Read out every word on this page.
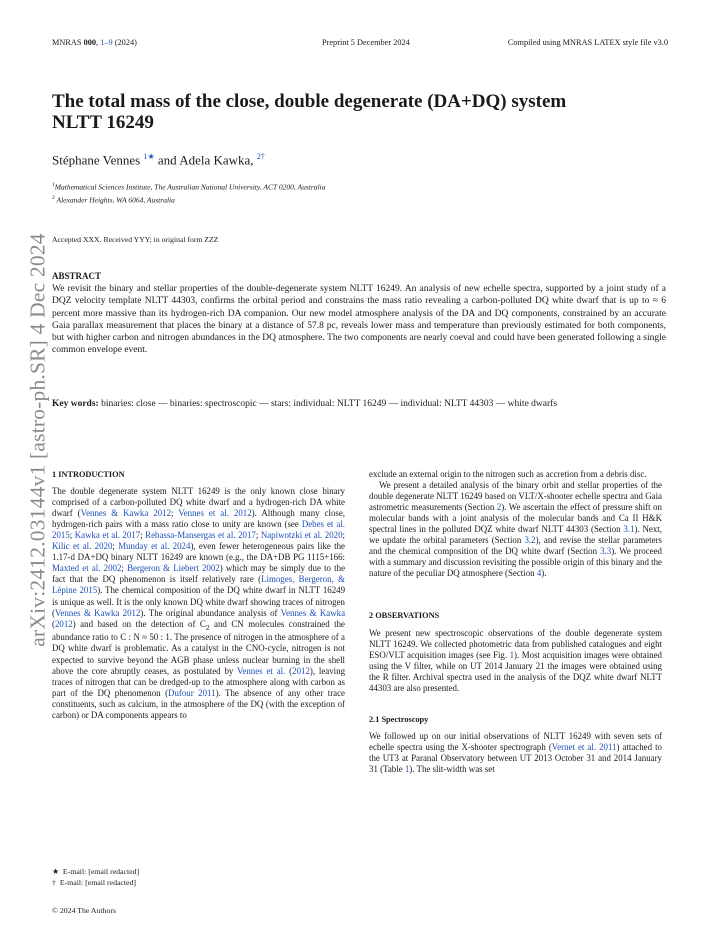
MNRAS 000, 1–9 (2024)	Preprint 5 December 2024	Compiled using MNRAS LATEX style file v3.0
arXiv:2412.03144v1 [astro-ph.SR] 4 Dec 2024
The total mass of the close, double degenerate (DA+DQ) system
NLTT 16249
Stéphane Vennes $^{1★}$ and Adela Kawka, $^{2\dagger}$
$^1$Mathematical Sciences Institute, The Australian National University, ACT 0200, Australia
$^2$ Alexander Heights, WA 6064, Australia
Accepted XXX. Received YYY; in original form ZZZ
ABSTRACT
We revisit the binary and stellar properties of the double-degenerate system NLTT 16249. An analysis of new echelle spectra, supported by a joint study of a DQZ velocity template NLTT 44303, confirms the orbital period and constrains the mass ratio revealing a carbon-polluted DQ white dwarf that is up to ≈ 6 percent more massive than its hydrogen-rich DA companion. Our new model atmosphere analysis of the DA and DQ components, constrained by an accurate Gaia parallax measurement that places the binary at a distance of 57.8 pc, reveals lower mass and temperature than previously estimated for both components, but with higher carbon and nitrogen abundances in the DQ atmosphere. The two components are nearly coeval and could have been generated following a single common envelope event.
Key words: binaries: close — binaries: spectroscopic — stars: individual: NLTT 16249 — individual: NLTT 44303 — white dwarfs
1 INTRODUCTION
The double degenerate system NLTT 16249 is the only known close binary comprised of a carbon-polluted DQ white dwarf and a hydrogen-rich DA white dwarf (Vennes & Kawka 2012; Vennes et al. 2012). Although many close, hydrogen-rich pairs with a mass ratio close to unity are known (see Debes et al. 2015; Kawka et al. 2017; Rebassa-Mansergas et al. 2017; Napiwotzki et al. 2020; Kilic et al. 2020; Munday et al. 2024), even fewer heterogeneous pairs like the 1.17-d DA+DQ binary NLTT 16249 are known (e.g., the DA+DB PG 1115+166: Maxted et al. 2002; Bergeron & Liebert 2002) which may be simply due to the fact that the DQ phenomenon is itself relatively rare (Limoges, Bergeron, & Lépine 2015). The chemical composition of the DQ white dwarf in NLTT 16249 is unique as well. It is the only known DQ white dwarf showing traces of nitrogen (Vennes & Kawka 2012). The original abundance analysis of Vennes & Kawka (2012) and based on the detection of $C_2$ and CN molecules constrained the abundance ratio to C : N ≈ 50 : 1. The presence of nitrogen in the atmosphere of a DQ white dwarf is problematic. As a catalyst in the CNO-cycle, nitrogen is not expected to survive beyond the AGB phase unless nuclear burning in the shell above the core abruptly ceases, as postulated by Vennes et al. (2012), leaving traces of nitrogen that can be dredged-up to the atmosphere along with carbon as part of the DQ phenomenon (Dufour 2011). The absence of any other trace constituents, such as calcium, in the atmosphere of the DQ (with the exception of carbon) or DA components appears to
exclude an external origin to the nitrogen such as accretion from a debris disc.
We present a detailed analysis of the binary orbit and stellar properties of the double degenerate NLTT 16249 based on VLT/X-shooter echelle spectra and Gaia astrometric measurements (Section 2). We ascertain the effect of pressure shift on molecular bands with a joint analysis of the molecular bands and Ca II H&K spectral lines in the polluted DQZ white dwarf NLTT 44303 (Section 3.1). Next, we update the orbital parameters (Section 3.2), and revise the stellar parameters and the chemical composition of the DQ white dwarf (Section 3.3). We proceed with a summary and discussion revisiting the possible origin of this binary and the nature of the peculiar DQ atmosphere (Section 4).
2 OBSERVATIONS
We present new spectroscopic observations of the double degenerate system NLTT 16249. We collected photometric data from published catalogues and eight ESO/VLT acquisition images (see Fig. 1). Most acquisition images were obtained using the V filter, while on UT 2014 January 21 the images were obtained using the R filter. Archival spectra used in the analysis of the DQZ white dwarf NLTT 44303 are also presented.
2.1 Spectroscopy
We followed up on our initial observations of NLTT 16249 with seven sets of echelle spectra using the X-shooter spectrograph (Vernet et al. 2011) attached to the UT3 at Paranal Observatory between UT 2013 October 31 and 2014 January 31 (Table 1). The slit-width was set
★ E-mail: [email redacted]
† E-mail: [email redacted]
© 2024 The Authors
